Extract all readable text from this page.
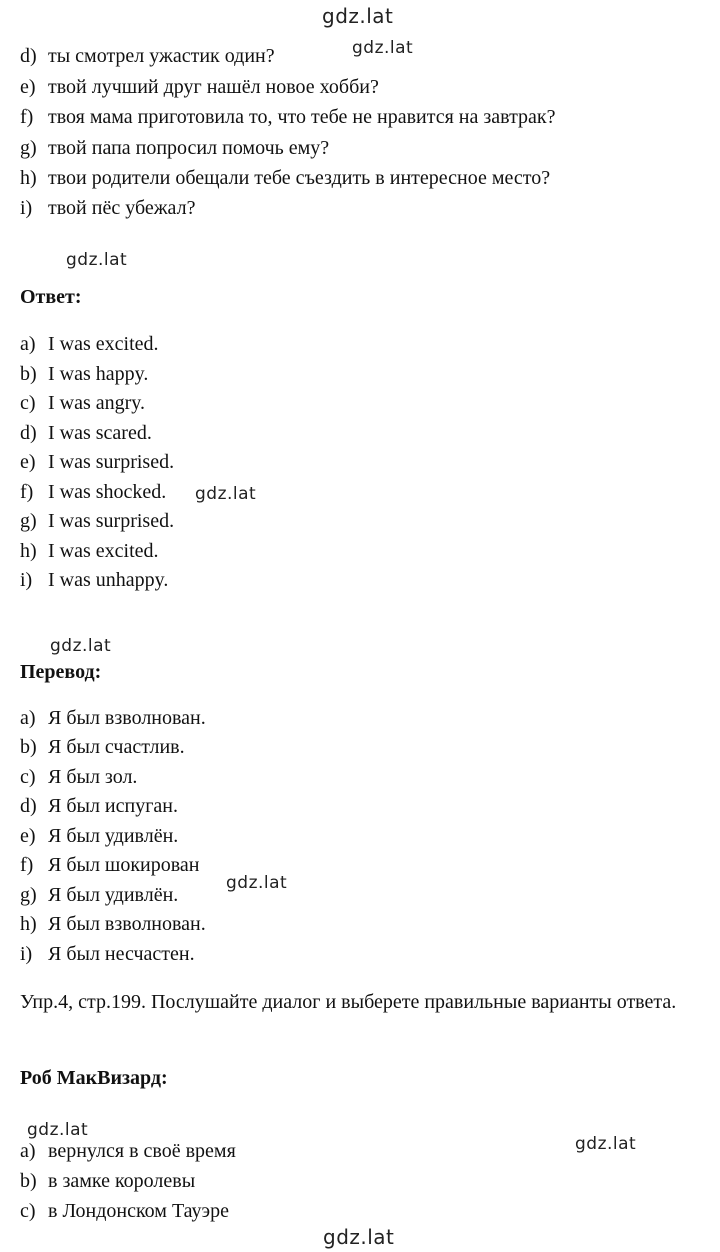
gdz.lat
gdz.lat
gdz.lat
gdz.lat
gdz.lat
gdz.lat
gdz.lat
gdz.lat
gdz.lat
d) ты смотрел ужастик один?
e) твой лучший друг нашёл новое хобби?
f) твоя мама приготовила то, что тебе не нравится на завтрак?
g) твой папа попросил помочь ему?
h) твои родители обещали тебе съездить в интересное место?
i) твой пёс убежал?
Ответ:
a) I was excited.
b) I was happy.
c) I was angry.
d) I was scared.
e) I was surprised.
f) I was shocked.
g) I was surprised.
h) I was excited.
i) I was unhappy.
Перевод:
a) Я был взволнован.
b) Я был счастлив.
c) Я был зол.
d) Я был испуган.
e) Я был удивлён.
f) Я был шокирован
g) Я был удивлён.
h) Я был взволнован.
i) Я был несчастен.
Упр.4, стр.199. Послушайте диалог и выберете правильные варианты ответа.
Роб МакВизард:
a) вернулся в своё время
b) в замке королевы
c) в Лондонском Тауэре
